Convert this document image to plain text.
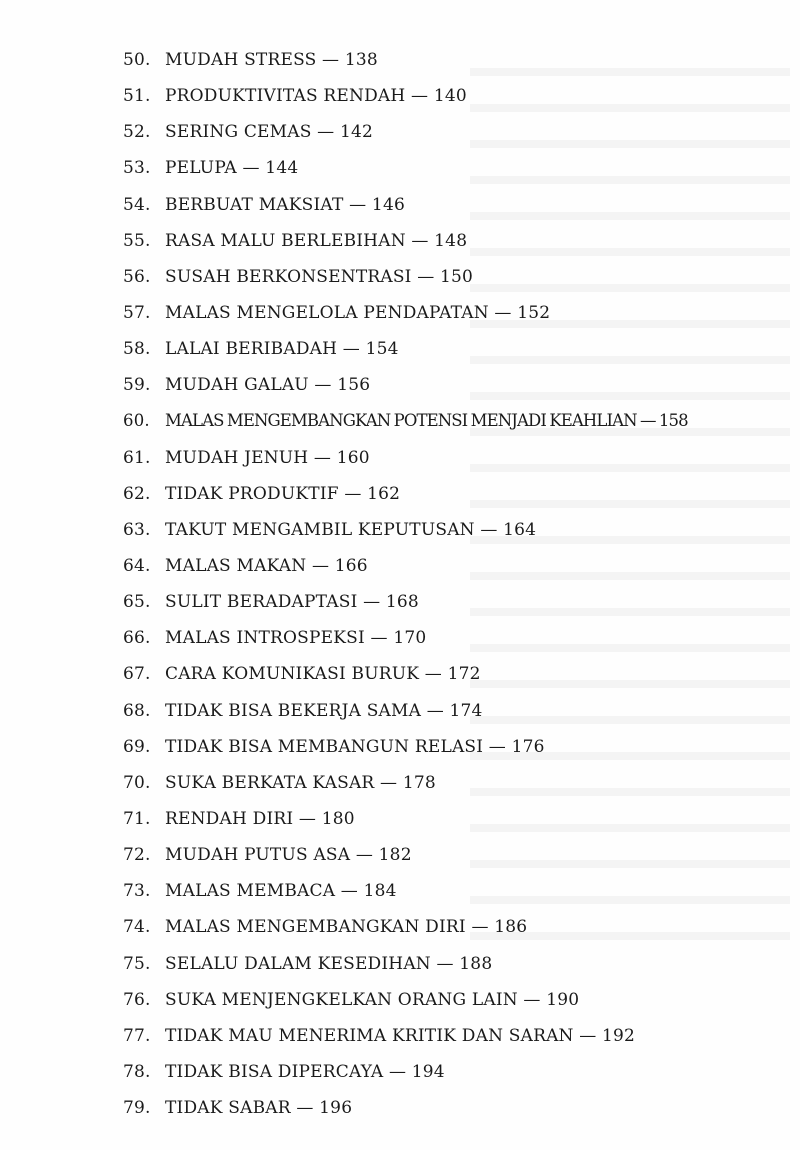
50. MUDAH STRESS — 138
51. PRODUKTIVITAS RENDAH — 140
52. SERING CEMAS — 142
53. PELUPA — 144
54. BERBUAT MAKSIAT — 146
55. RASA MALU BERLEBIHAN — 148
56. SUSAH BERKONSENTRASI — 150
57. MALAS MENGELOLA PENDAPATAN — 152
58. LALAI BERIBADAH — 154
59. MUDAH GALAU — 156
60. MALAS MENGEMBANGKAN POTENSI MENJADI KEAHLIAN — 158
61. MUDAH JENUH — 160
62. TIDAK PRODUKTIF — 162
63. TAKUT MENGAMBIL KEPUTUSAN — 164
64. MALAS MAKAN — 166
65. SULIT BERADAPTASI — 168
66. MALAS INTROSPEKSI — 170
67. CARA KOMUNIKASI BURUK — 172
68. TIDAK BISA BEKERJA SAMA — 174
69. TIDAK BISA MEMBANGUN RELASI — 176
70. SUKA BERKATA KASAR — 178
71. RENDAH DIRI — 180
72. MUDAH PUTUS ASA — 182
73. MALAS MEMBACA — 184
74. MALAS MENGEMBANGKAN DIRI — 186
75. SELALU DALAM KESEDIHAN — 188
76. SUKA MENJENGKELKAN ORANG LAIN — 190
77. TIDAK MAU MENERIMA KRITIK DAN SARAN — 192
78. TIDAK BISA DIPERCAYA — 194
79. TIDAK SABAR — 196
